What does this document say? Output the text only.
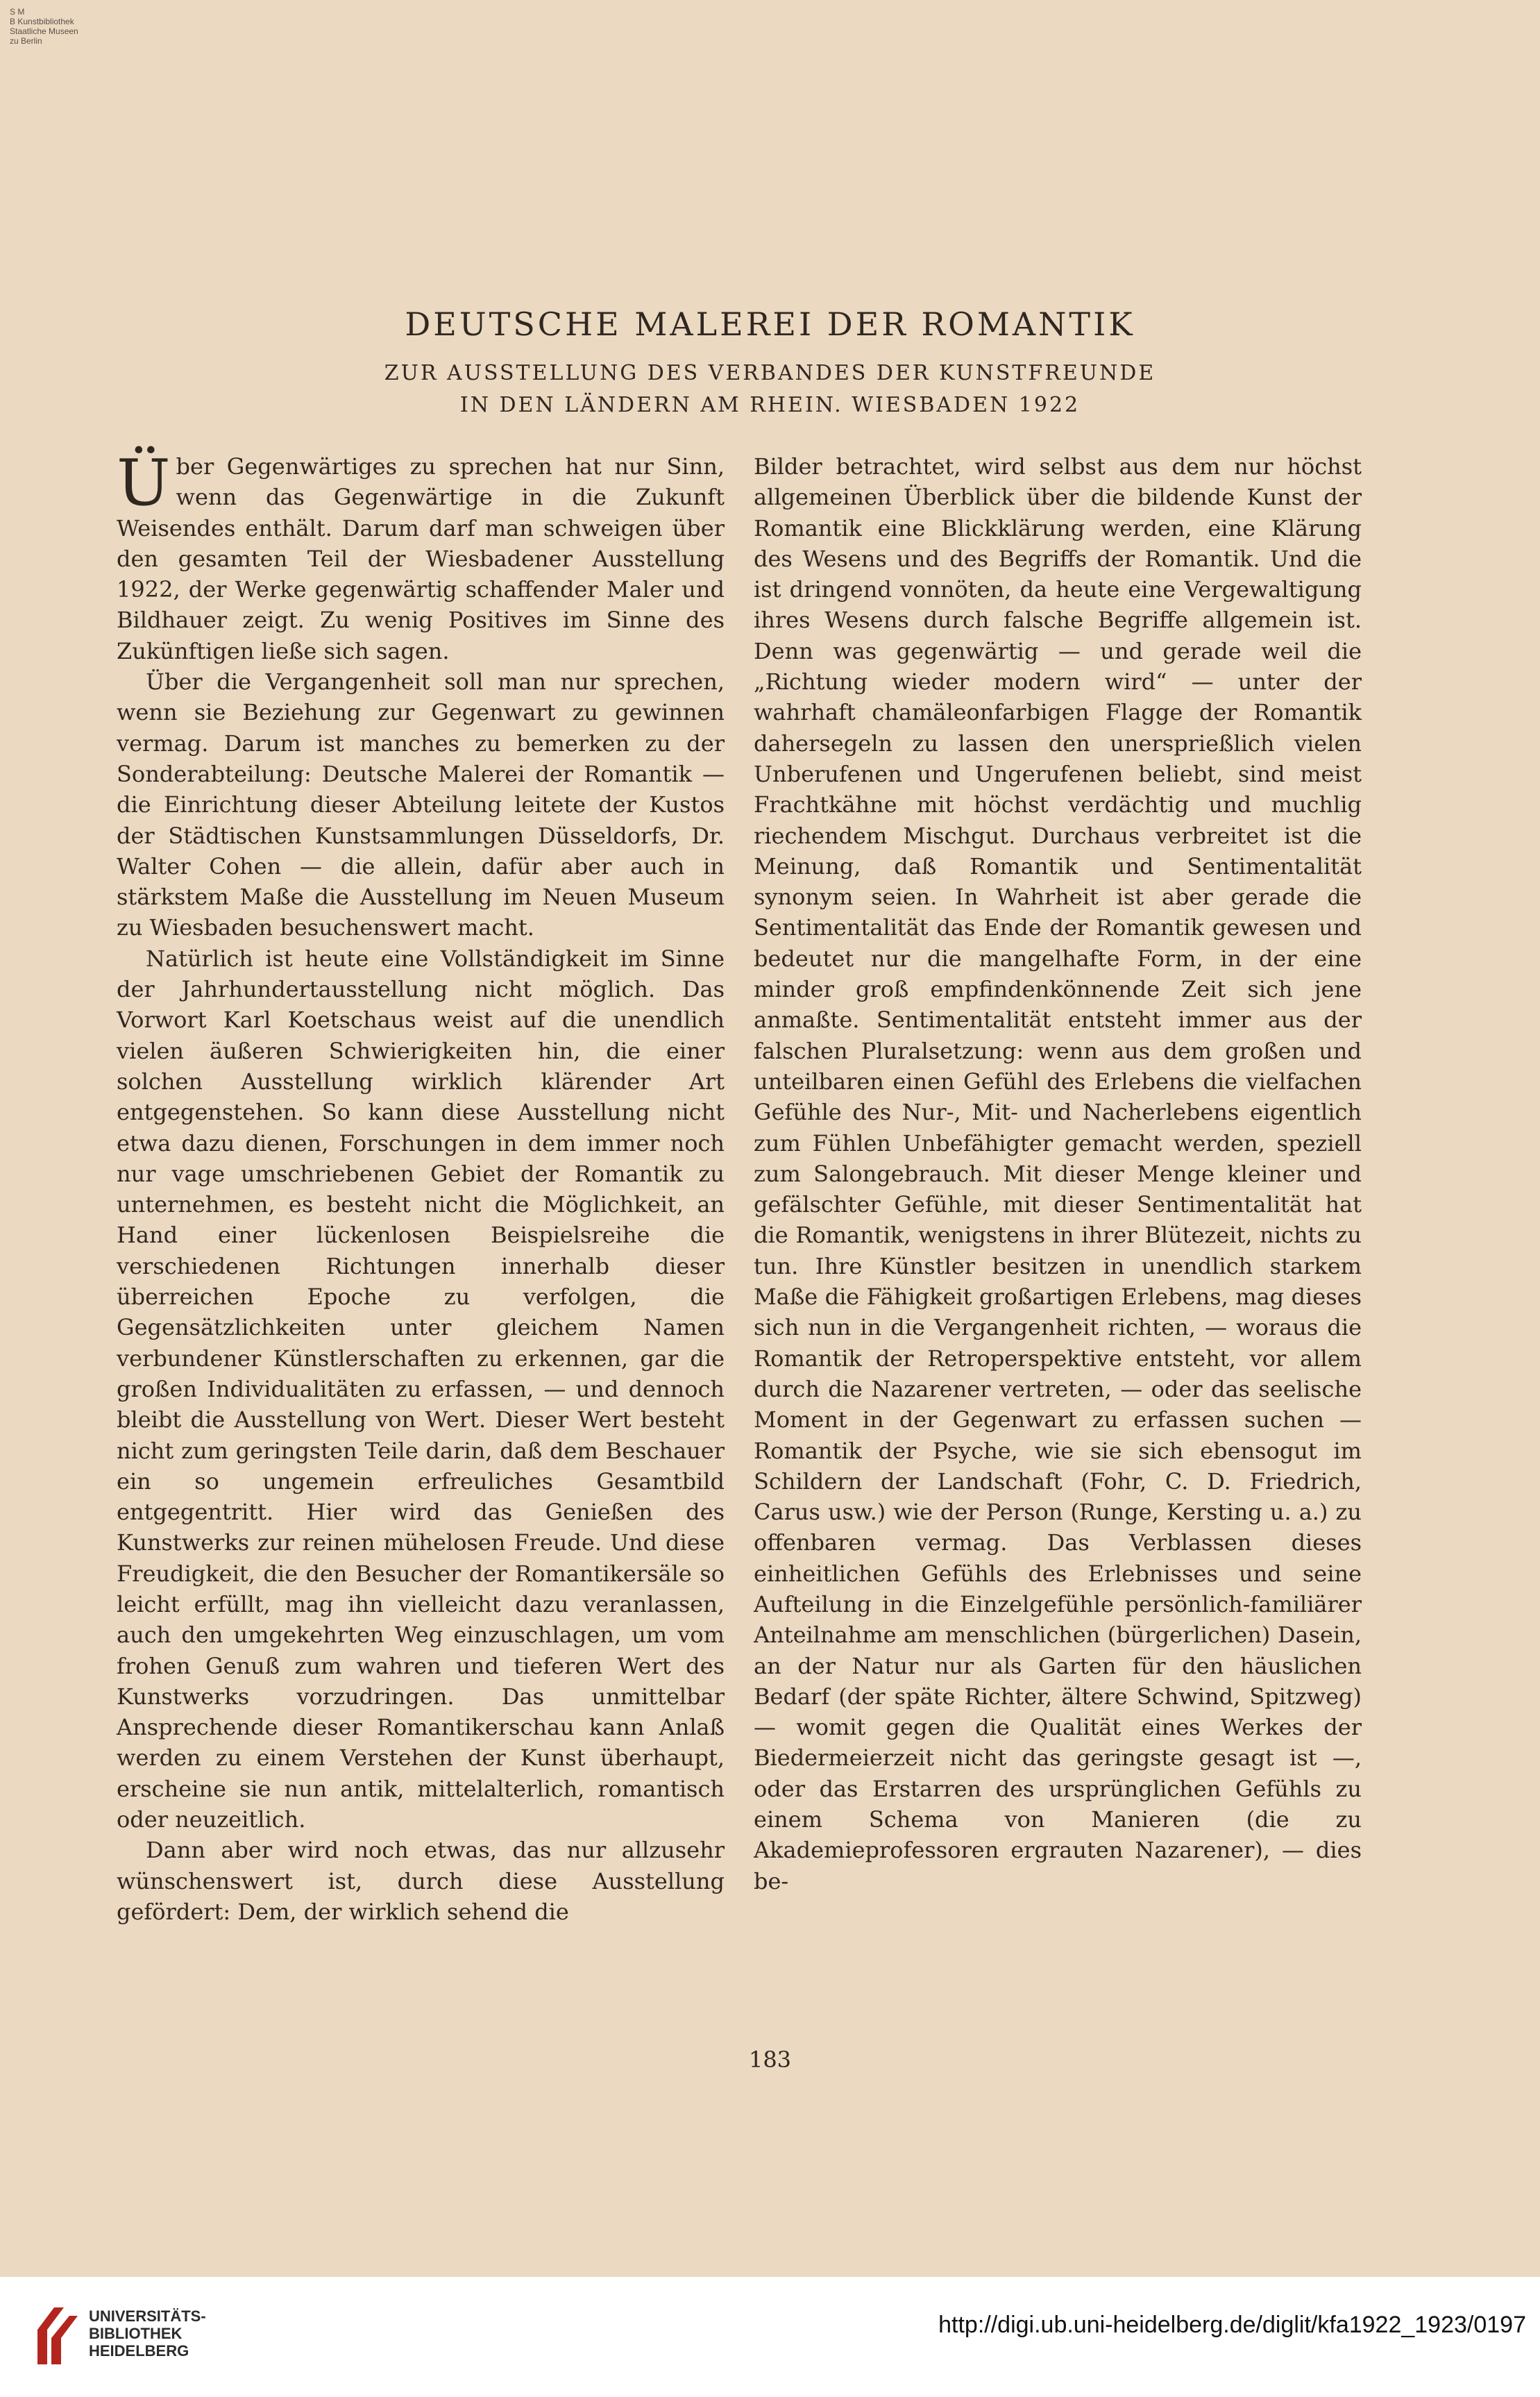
S M
B Kunstbibliothek
Staatliche Museen
zu Berlin
DEUTSCHE MALEREI DER ROMANTIK
ZUR AUSSTELLUNG DES VERBANDES DER KUNSTFREUNDE
IN DEN LÄNDERN AM RHEIN. WIESBADEN 1922

Über Gegenwärtiges zu sprechen hat nur Sinn, wenn das Gegenwärtige in die Zukunft Weisendes enthält. Darum darf man schweigen über den gesamten Teil der Wiesbadener Ausstellung 1922, der Werke gegenwärtig schaffender Maler und Bildhauer zeigt. Zu wenig Positives im Sinne des Zukünftigen ließe sich sagen.

Über die Vergangenheit soll man nur sprechen, wenn sie Beziehung zur Gegenwart zu gewinnen vermag. Darum ist manches zu bemerken zu der Sonderabteilung: Deutsche Malerei der Romantik — die Einrichtung dieser Abteilung leitete der Kustos der Städtischen Kunstsammlungen Düsseldorfs, Dr. Walter Cohen — die allein, dafür aber auch in stärkstem Maße die Ausstellung im Neuen Museum zu Wiesbaden besuchenswert macht.

Natürlich ist heute eine Vollständigkeit im Sinne der Jahrhundertausstellung nicht möglich. Das Vorwort Karl Koetschaus weist auf die unendlich vielen äußeren Schwierigkeiten hin, die einer solchen Ausstellung wirklich klärender Art entgegenstehen. So kann diese Ausstellung nicht etwa dazu dienen, Forschungen in dem immer noch nur vage umschriebenen Gebiet der Romantik zu unternehmen, es besteht nicht die Möglichkeit, an Hand einer lückenlosen Beispielsreihe die verschiedenen Richtungen innerhalb dieser überreichen Epoche zu verfolgen, die Gegensätzlichkeiten unter gleichem Namen verbundener Künstlerschaften zu erkennen, gar die großen Individualitäten zu erfassen, — und dennoch bleibt die Ausstellung von Wert. Dieser Wert besteht nicht zum geringsten Teile darin, daß dem Beschauer ein so ungemein erfreuliches Gesamtbild entgegentritt. Hier wird das Genießen des Kunstwerks zur reinen mühelosen Freude. Und diese Freudigkeit, die den Besucher der Romantikersäle so leicht erfüllt, mag ihn vielleicht dazu veranlassen, auch den umgekehrten Weg einzuschlagen, um vom frohen Genuß zum wahren und tieferen Wert des Kunstwerks vorzudringen. Das unmittelbar Ansprechende dieser Romantikerschau kann Anlaß werden zu einem Verstehen der Kunst überhaupt, erscheine sie nun antik, mittelalterlich, romantisch oder neuzeitlich.

Dann aber wird noch etwas, das nur allzusehr wünschenswert ist, durch diese Ausstellung gefördert: Dem, der wirklich sehend die

Bilder betrachtet, wird selbst aus dem nur höchst allgemeinen Überblick über die bildende Kunst der Romantik eine Blickklärung werden, eine Klärung des Wesens und des Begriffs der Romantik. Und die ist dringend vonnöten, da heute eine Vergewaltigung ihres Wesens durch falsche Begriffe allgemein ist. Denn was gegenwärtig — und gerade weil die „Richtung wieder modern wird“ — unter der wahrhaft chamäleonfarbigen Flagge der Romantik dahersegeln zu lassen den unersprießlich vielen Unberufenen und Ungerufenen beliebt, sind meist Frachtkähne mit höchst verdächtig und muchlig riechendem Mischgut. Durchaus verbreitet ist die Meinung, daß Romantik und Sentimentalität synonym seien. In Wahrheit ist aber gerade die Sentimentalität das Ende der Romantik gewesen und bedeutet nur die mangelhafte Form, in der eine minder groß empfindenkönnende Zeit sich jene anmaßte. Sentimentalität entsteht immer aus der falschen Pluralsetzung: wenn aus dem großen und unteilbaren einen Gefühl des Erlebens die vielfachen Gefühle des Nur-, Mit- und Nacherlebens eigentlich zum Fühlen Unbefähigter gemacht werden, speziell zum Salongebrauch. Mit dieser Menge kleiner und gefälschter Gefühle, mit dieser Sentimentalität hat die Romantik, wenigstens in ihrer Blütezeit, nichts zu tun. Ihre Künstler besitzen in unendlich starkem Maße die Fähigkeit großartigen Erlebens, mag dieses sich nun in die Vergangenheit richten, — woraus die Romantik der Retroperspektive entsteht, vor allem durch die Nazarener vertreten, — oder das seelische Moment in der Gegenwart zu erfassen suchen — Romantik der Psyche, wie sie sich ebensogut im Schildern der Landschaft (Fohr, C. D. Friedrich, Carus usw.) wie der Person (Runge, Kersting u. a.) zu offenbaren vermag. Das Verblassen dieses einheitlichen Gefühls des Erlebnisses und seine Aufteilung in die Einzelgefühle persönlich-familiärer Anteilnahme am menschlichen (bürgerlichen) Dasein, an der Natur nur als Garten für den häuslichen Bedarf (der späte Richter, ältere Schwind, Spitzweg) — womit gegen die Qualität eines Werkes der Biedermeierzeit nicht das geringste gesagt ist —, oder das Erstarren des ursprünglichen Gefühls zu einem Schema von Manieren (die zu Akademieprofessoren ergrauten Nazarener), — dies be-

183
UNIVERSITÄTS-
BIBLIOTHEK
HEIDELBERG
http://digi.ub.uni-heidelberg.de/diglit/kfa1922_1923/0197
